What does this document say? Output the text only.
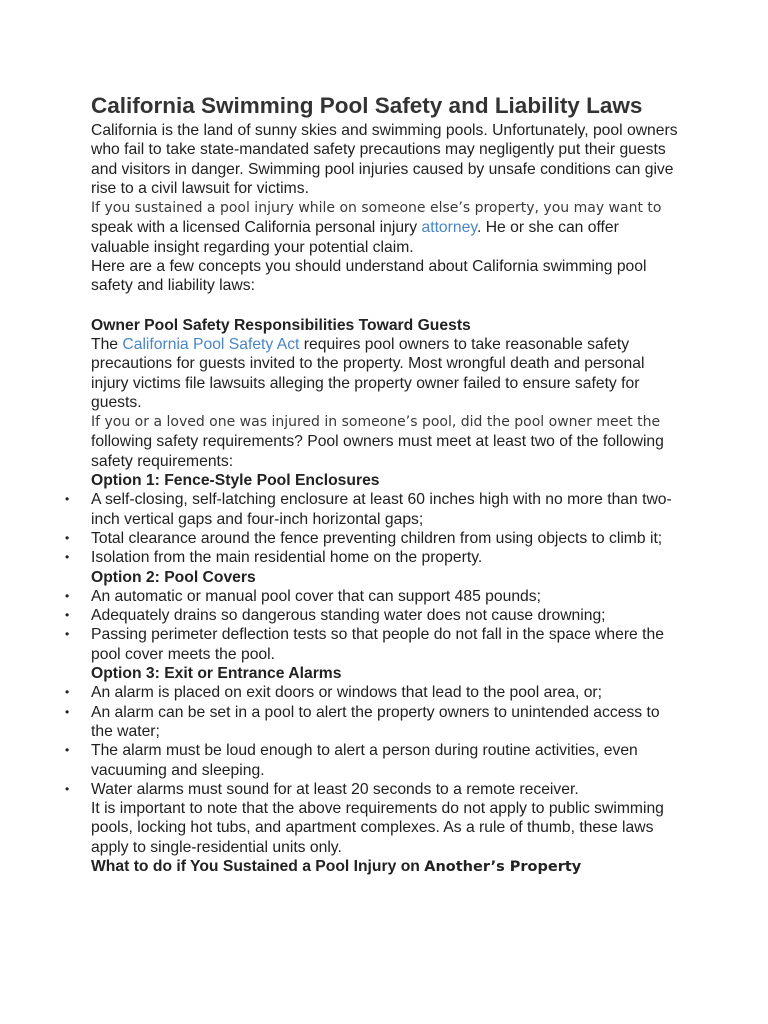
California Swimming Pool Safety and Liability Laws

California is the land of sunny skies and swimming pools. Unfortunately, pool owners who fail to take state-mandated safety precautions may negligently put their guests and visitors in danger. Swimming pool injuries caused by unsafe conditions can give rise to a civil lawsuit for victims.

If you sustained a pool injury while on someone else’s property, you may want to
speak with a licensed California personal injury attorney. He or she can offer valuable insight regarding your potential claim.

Here are a few concepts you should understand about California swimming pool safety and liability laws:

Owner Pool Safety Responsibilities Toward Guests

The California Pool Safety Act requires pool owners to take reasonable safety precautions for guests invited to the property. Most wrongful death and personal injury victims file lawsuits alleging the property owner failed to ensure safety for guests.

If you or a loved one was injured in someone’s pool, did the pool owner meet the
following safety requirements? Pool owners must meet at least two of the following safety requirements:

Option 1: Fence-Style Pool Enclosures
• A self-closing, self-latching enclosure at least 60 inches high with no more than two-inch vertical gaps and four-inch horizontal gaps;
• Total clearance around the fence preventing children from using objects to climb it;
• Isolation from the main residential home on the property.
Option 2: Pool Covers
• An automatic or manual pool cover that can support 485 pounds;
• Adequately drains so dangerous standing water does not cause drowning;
• Passing perimeter deflection tests so that people do not fall in the space where the pool cover meets the pool.
Option 3: Exit or Entrance Alarms
• An alarm is placed on exit doors or windows that lead to the pool area, or;
• An alarm can be set in a pool to alert the property owners to unintended access to the water;
• The alarm must be loud enough to alert a person during routine activities, even vacuuming and sleeping.
• Water alarms must sound for at least 20 seconds to a remote receiver.

It is important to note that the above requirements do not apply to public swimming pools, locking hot tubs, and apartment complexes. As a rule of thumb, these laws apply to single-residential units only.

What to do if You Sustained a Pool Injury on Another’s Property
